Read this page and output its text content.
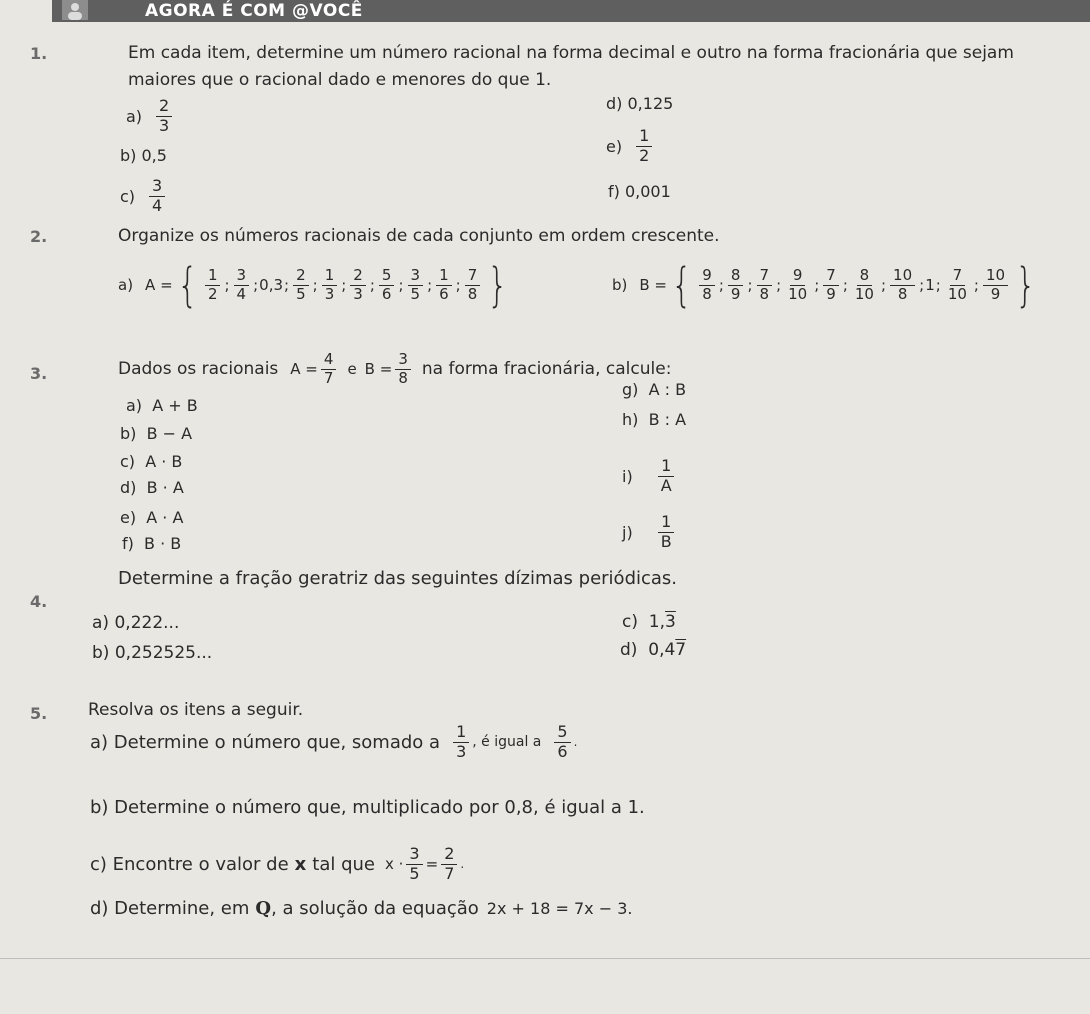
AGORA É COM @VOCÊ
1.	Em cada item, determine um número racional na forma decimal e outro na forma fracionária que sejam
maiores que o racional dado e menores do que 1.
$a) \frac{2}{3}$
b) 0,5
$c) \frac{3}{4}$
d) 0,125
$e) \frac{1}{2}$
f) 0,001
2.	Organize os números racionais de cada conjunto em ordem crescente.
a) A = { $\frac{1}{2}$ ; $\frac{3}{4}$ ; 0,3 ; $\frac{2}{5}$ ; $\frac{1}{3}$ ; $\frac{2}{3}$ ; $\frac{5}{6}$ ; $\frac{3}{5}$ ; $\frac{1}{6}$ ; $\frac{7}{8}$ }	b) B = { $\frac{9}{8}$ ; $\frac{8}{9}$ ; $\frac{7}{8}$ ; $\frac{9}{10}$ ; $\frac{7}{9}$ ; $\frac{8}{10}$ ; $\frac{10}{8}$ ; 1 ; $\frac{7}{10}$ ; $\frac{10}{9}$ }
3.	Dados os racionais $A = \frac{4}{7}$ e $B = \frac{3}{8}$ na forma fracionária, calcule:
a) A + B
b) B − A
c) A · B
d) B · A
e) A · A
f) B · B
g) A : B
h) B : A
$i) \frac{1}{A}$
$j) \frac{1}{B}$
4.
Determine a fração geratriz das seguintes dízimas periódicas.
a) 0,222...
b) 0,252525...
c) 1,3
d) 0,47
5. Resolva os itens a seguir.
a) Determine o número que, somado a $\frac{1}{3}$ , é igual a $\frac{5}{6}$ .
b) Determine o número que, multiplicado por 0,8, é igual a 1.
c) Encontre o valor de x tal que $x \cdot \frac{3}{5} = \frac{2}{7}$ .
d) Determine, em Q , a solução da equação 2x + 18 = 7x − 3.
